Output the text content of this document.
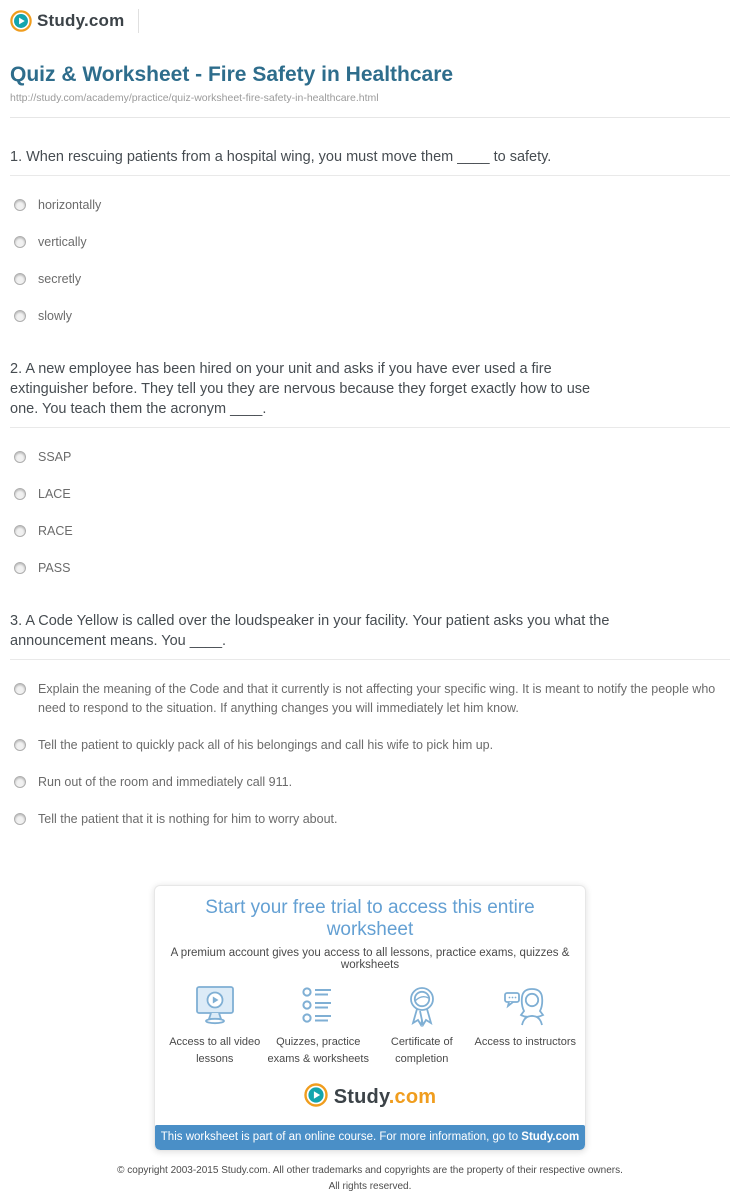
Study.com
Quiz & Worksheet - Fire Safety in Healthcare
http://study.com/academy/practice/quiz-worksheet-fire-safety-in-healthcare.html

1. When rescuing patients from a hospital wing, you must move them ____ to safety.

horizontally
vertically
secretly
slowly

2. A new employee has been hired on your unit and asks if you have ever used a fire extinguisher before. They tell you they are nervous because they forget exactly how to use one. You teach them the acronym ____.

SSAP
LACE
RACE
PASS

3. A Code Yellow is called over the loudspeaker in your facility. Your patient asks you what the announcement means. You ____.

Explain the meaning of the Code and that it currently is not affecting your specific wing. It is meant to notify the people who need to respond to the situation. If anything changes you will immediately let him know.
Tell the patient to quickly pack all of his belongings and call his wife to pick him up.
Run out of the room and immediately call 911.
Tell the patient that it is nothing for him to worry about.
Start your free trial to access this entire worksheet
A premium account gives you access to all lessons, practice exams, quizzes & worksheets
Access to all video lessons
Quizzes, practice exams & worksheets
Certificate of completion
Access to instructors
Study.com
This worksheet is part of an online course. For more information, go to Study.com
© copyright 2003-2015 Study.com. All other trademarks and copyrights are the property of their respective owners.
All rights reserved.
